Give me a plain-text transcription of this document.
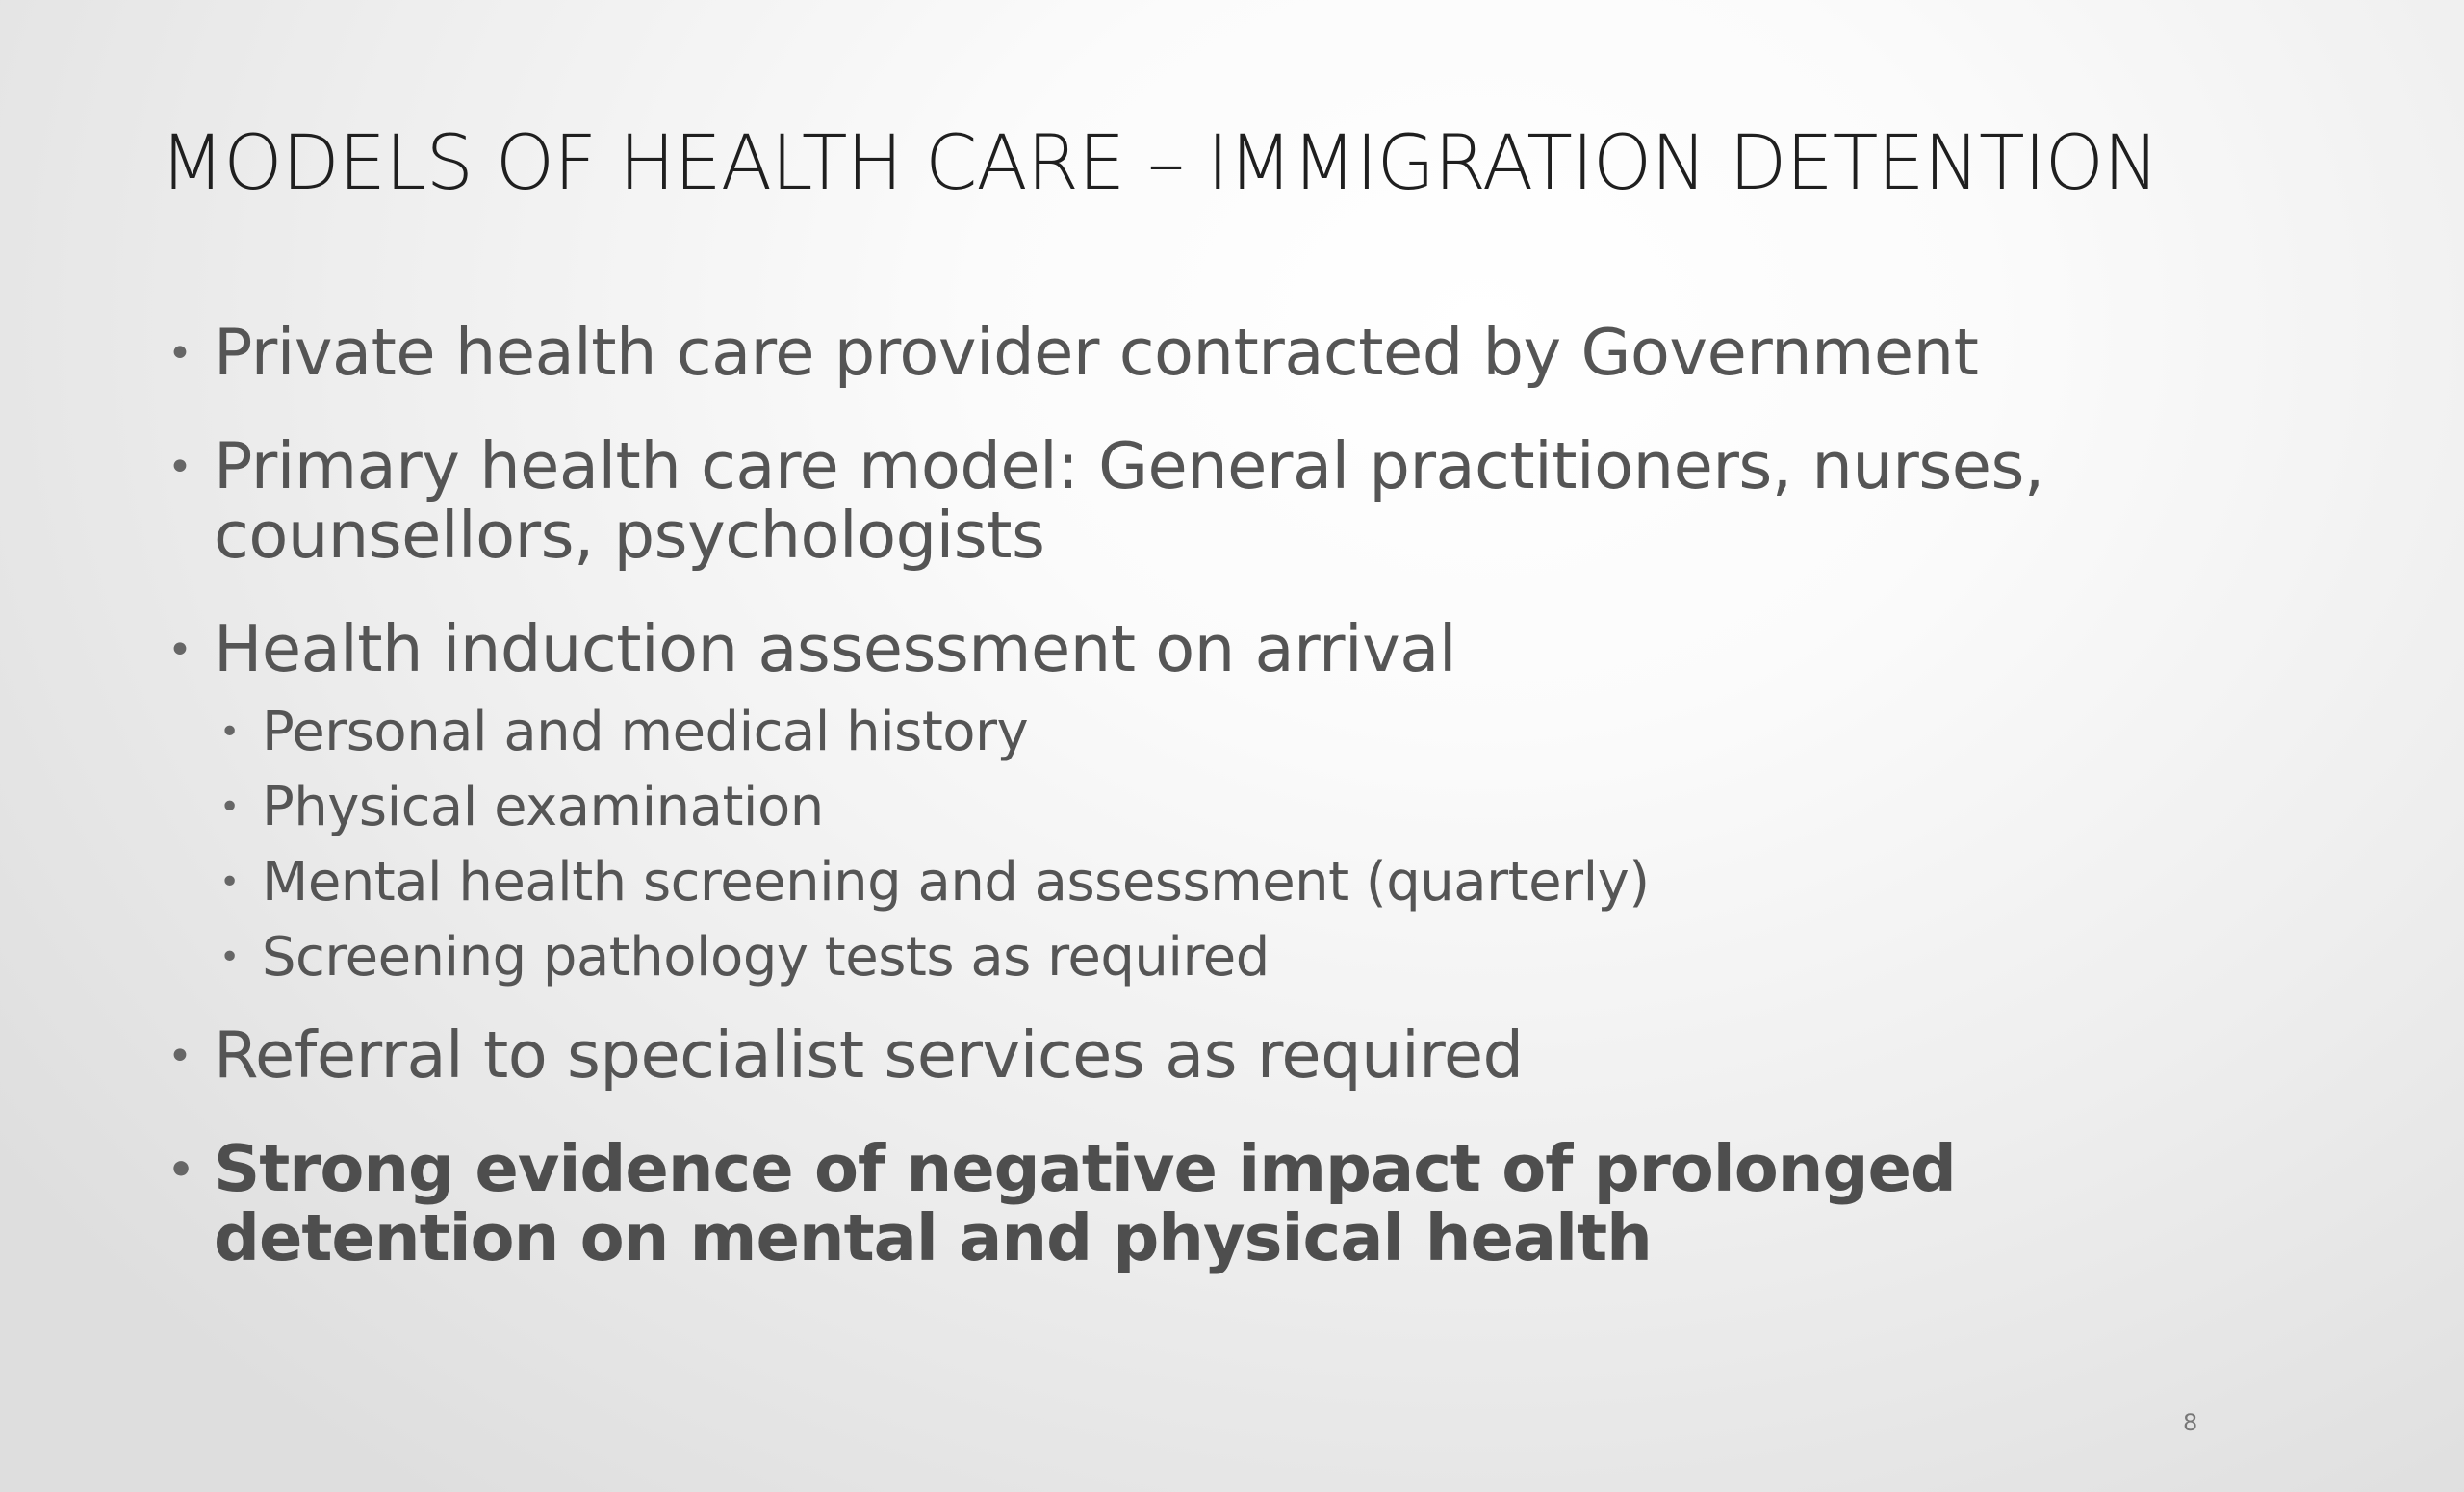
MODELS OF HEALTH CARE – IMMIGRATION DETENTION
• Private health care provider contracted by Government
• Primary health care model: General practitioners, nurses, counsellors, psychologists
• Health induction assessment on arrival
• Personal and medical history
• Physical examination
• Mental health screening and assessment (quarterly)
• Screening pathology tests as required
• Referral to specialist services as required
• Strong evidence of negative impact of prolonged detention on mental and physical health
8
